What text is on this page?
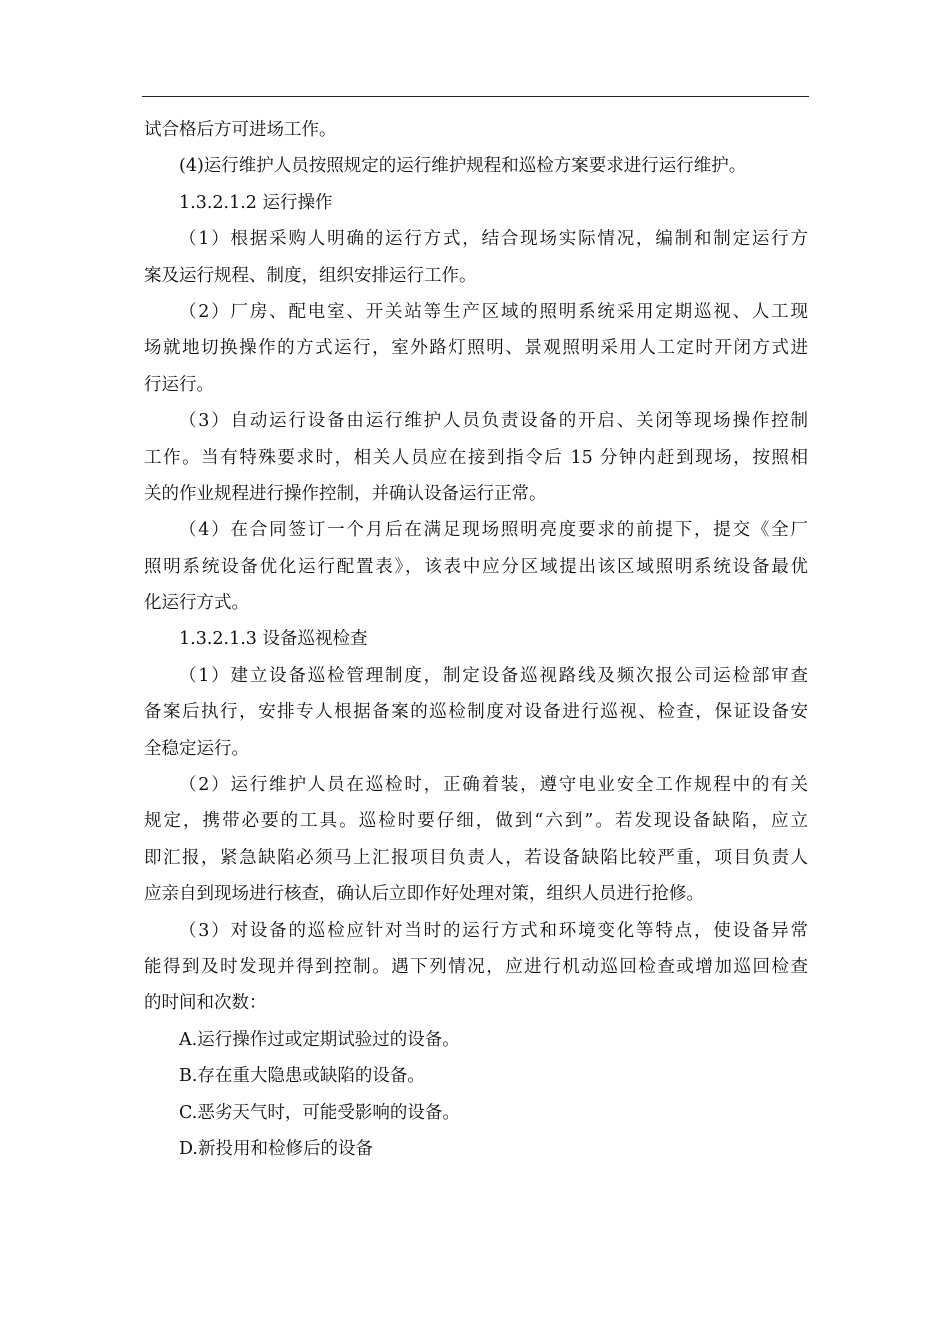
试合格后方可进场工作。
(4)运行维护人员按照规定的运行维护规程和巡检方案要求进行运行维护。
1.3.2.1.2 运行操作
（1）根据采购人明确的运行方式，结合现场实际情况，编制和制定运行方
案及运行规程、制度，组织安排运行工作。
（2）厂房、配电室、开关站等生产区域的照明系统采用定期巡视、人工现
场就地切换操作的方式运行，室外路灯照明、景观照明采用人工定时开闭方式进
行运行。
（3）自动运行设备由运行维护人员负责设备的开启、关闭等现场操作控制
工作。当有特殊要求时，相关人员应在接到指令后 15 分钟内赶到现场，按照相
关的作业规程进行操作控制，并确认设备运行正常。
（4）在合同签订一个月后在满足现场照明亮度要求的前提下，提交《全厂
照明系统设备优化运行配置表》，该表中应分区域提出该区域照明系统设备最优
化运行方式。
1.3.2.1.3 设备巡视检查
（1）建立设备巡检管理制度，制定设备巡视路线及频次报公司运检部审查
备案后执行，安排专人根据备案的巡检制度对设备进行巡视、检查，保证设备安
全稳定运行。
（2）运行维护人员在巡检时，正确着装，遵守电业安全工作规程中的有关
规定，携带必要的工具。巡检时要仔细，做到“六到”。若发现设备缺陷，应立
即汇报，紧急缺陷必须马上汇报项目负责人，若设备缺陷比较严重，项目负责人
应亲自到现场进行核查，确认后立即作好处理对策，组织人员进行抢修。
（3）对设备的巡检应针对当时的运行方式和环境变化等特点，使设备异常
能得到及时发现并得到控制。遇下列情况，应进行机动巡回检查或增加巡回检查
的时间和次数：
A.运行操作过或定期试验过的设备。
B.存在重大隐患或缺陷的设备。
C.恶劣天气时，可能受影响的设备。
D.新投用和检修后的设备
